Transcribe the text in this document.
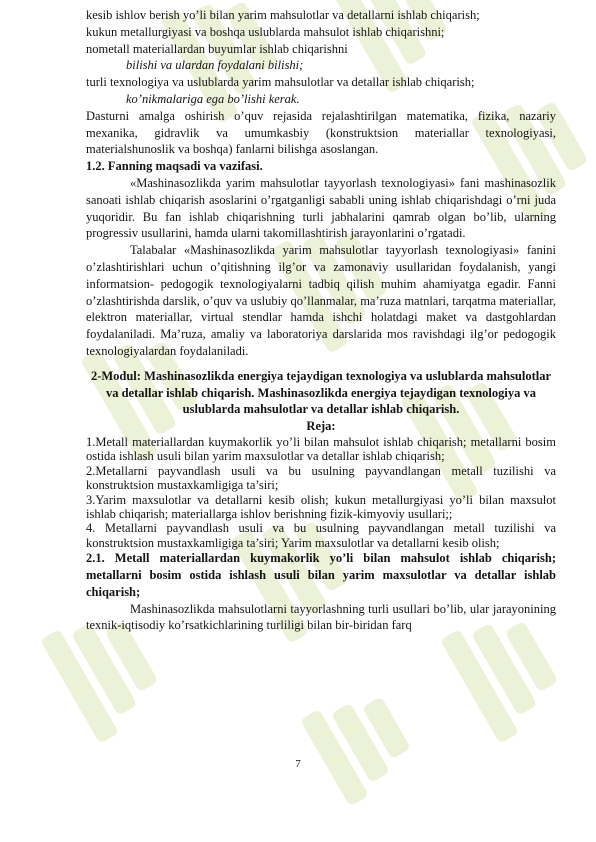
kesib ishlov berish yo’li bilan yarim mahsulotlar va detallarni ishlab chiqarish;

kukun metallurgiyasi va boshqa uslublarda mahsulot ishlab chiqarishni;

nometall materiallardan buyumlar ishlab chiqarishni

bilishi va ulardan foydalani bilishi;

turli texnologiya va uslublarda yarim mahsulotlar va detallar ishlab chiqarish;

ko’nikmalariga ega bo’lishi kerak.

Dasturni amalga oshirish o’quv rejasida rejalashtirilgan matematika, fizika, nazariy mexanika, gidravlik va umumkasbiy (konstruktsion materiallar texnologiyasi, materialshunoslik va boshqa) fanlarni bilishga asoslangan.

1.2. Fanning maqsadi va vazifasi.

«Mashinasozlikda yarim mahsulotlar tayyorlash texnologiyasi» fani mashinasozlik sanoati ishlab chiqarish asoslarini o’rgatganligi sababli uning ishlab chiqarishdagi o’rni juda yuqoridir. Bu fan ishlab chiqarishning turli jabhalarini qamrab olgan bo’lib, ularning progressiv usullarini, hamda ularni takomillashtirish jarayonlarini o’rgatadi.

Talabalar «Mashinasozlikda yarim mahsulotlar tayyorlash texnologiyasi» fanini o’zlashtirishlari uchun o’qitishning ilg’or va zamonaviy usullaridan foydalanish, yangi informatsion- pedogogik texnologiyalarni tadbiq qilish muhim ahamiyatga egadir. Fanni o’zlashtirishda darslik, o’quv va uslubiy qo’llanmalar, ma’ruza matnlari, tarqatma materiallar, elektron materiallar, virtual stendlar hamda ishchi holatdagi maket va dastgohlardan foydalaniladi. Ma’ruza, amaliy va laboratoriya darslarida mos ravishdagi ilg’or pedogogik texnologiyalardan foydalaniladi.

2-Modul: Mashinasozlikda energiya tejaydigan texnologiya va uslublarda mahsulotlar va detallar ishlab chiqarish. Mashinasozlikda energiya tejaydigan texnologiya va uslublarda mahsulotlar va detallar ishlab chiqarish.

Reja:

1.Metall materiallardan kuymakorlik yo’li bilan mahsulot ishlab chiqarish; metallarni bosim ostida ishlash usuli bilan yarim maxsulotlar va detallar ishlab chiqarish;

2.Metallarni payvandlash usuli va bu usulning payvandlangan metall tuzilishi va konstruktsion mustaxkamligiga ta’siri;

3.Yarim maxsulotlar va detallarni kesib olish; kukun metallurgiyasi yo’li bilan maxsulot ishlab chiqarish; materiallarga ishlov berishning fizik-kimyoviy usullari;;

4. Metallarni payvandlash usuli va bu usulning payvandlangan metall tuzilishi va konstruktsion mustaxkamligiga ta’siri; Yarim maxsulotlar va detallarni kesib olish;

2.1. Metall materiallardan kuymakorlik yo’li bilan mahsulot ishlab chiqarish; metallarni bosim ostida ishlash usuli bilan yarim maxsulotlar va detallar ishlab chiqarish;

Mashinasozlikda mahsulotlarni tayyorlashning turli usullari bo’lib, ular jarayonining texnik-iqtisodiy ko’rsatkichlarining turliligi bilan bir-biridan farq

7
